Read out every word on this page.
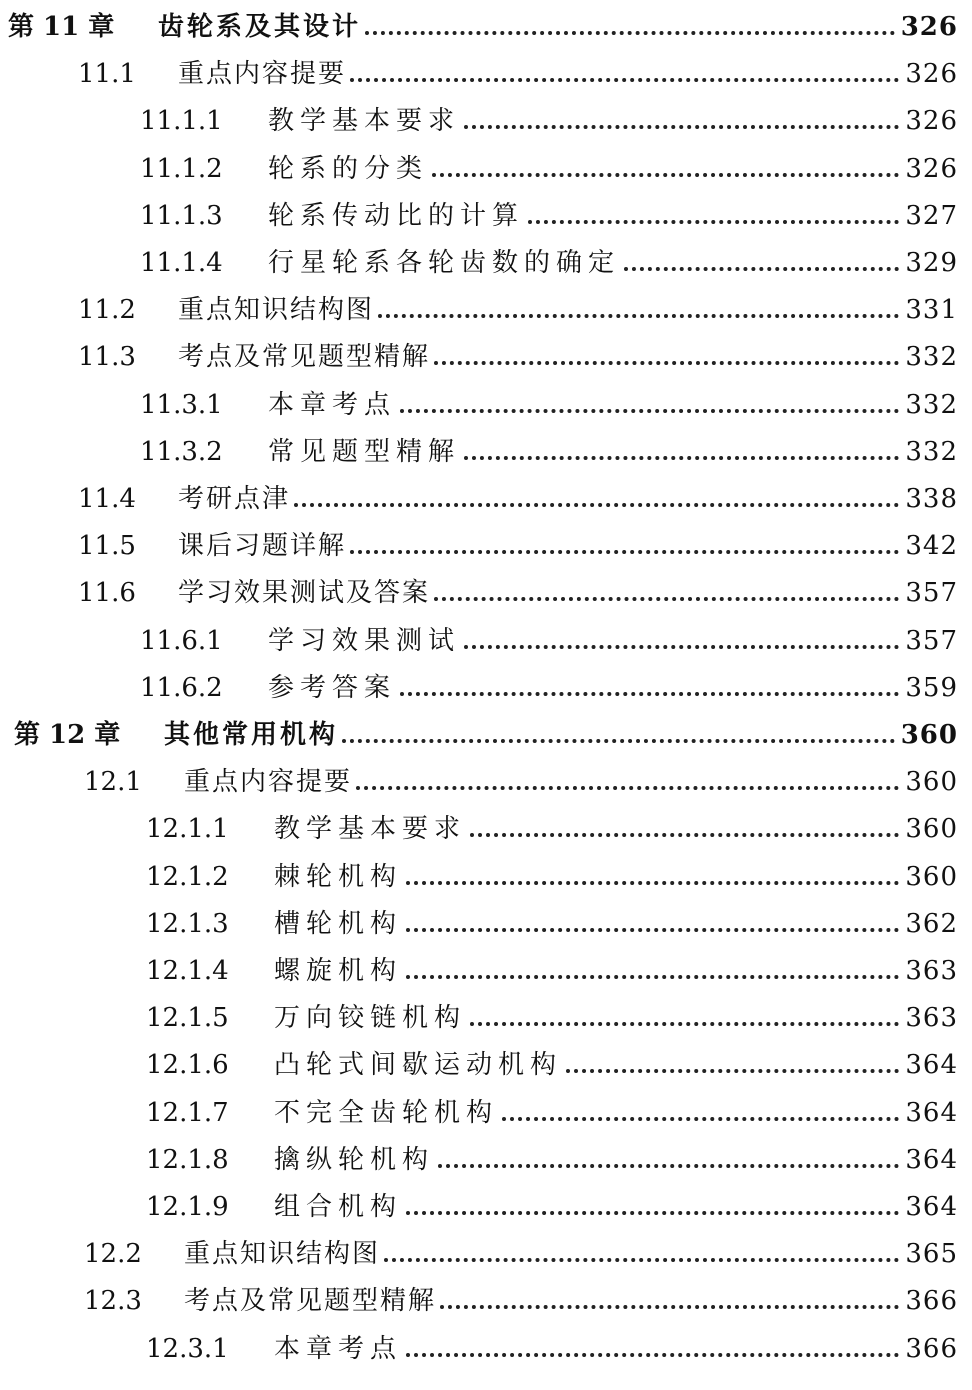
第 11 章	齿轮系及其设计	326
11.1	重点内容提要	326
11.1.1	教学基本要求	326
11.1.2	轮系的分类	326
11.1.3	轮系传动比的计算	327
11.1.4	行星轮系各轮齿数的确定	329
11.2	重点知识结构图	331
11.3	考点及常见题型精解	332
11.3.1	本章考点	332
11.3.2	常见题型精解	332
11.4	考研点津	338
11.5	课后习题详解	342
11.6	学习效果测试及答案	357
11.6.1	学习效果测试	357
11.6.2	参考答案	359
第 12 章	其他常用机构	360
12.1	重点内容提要	360
12.1.1	教学基本要求	360
12.1.2	棘轮机构	360
12.1.3	槽轮机构	362
12.1.4	螺旋机构	363
12.1.5	万向铰链机构	363
12.1.6	凸轮式间歇运动机构	364
12.1.7	不完全齿轮机构	364
12.1.8	擒纵轮机构	364
12.1.9	组合机构	364
12.2	重点知识结构图	365
12.3	考点及常见题型精解	366
12.3.1	本章考点	366
